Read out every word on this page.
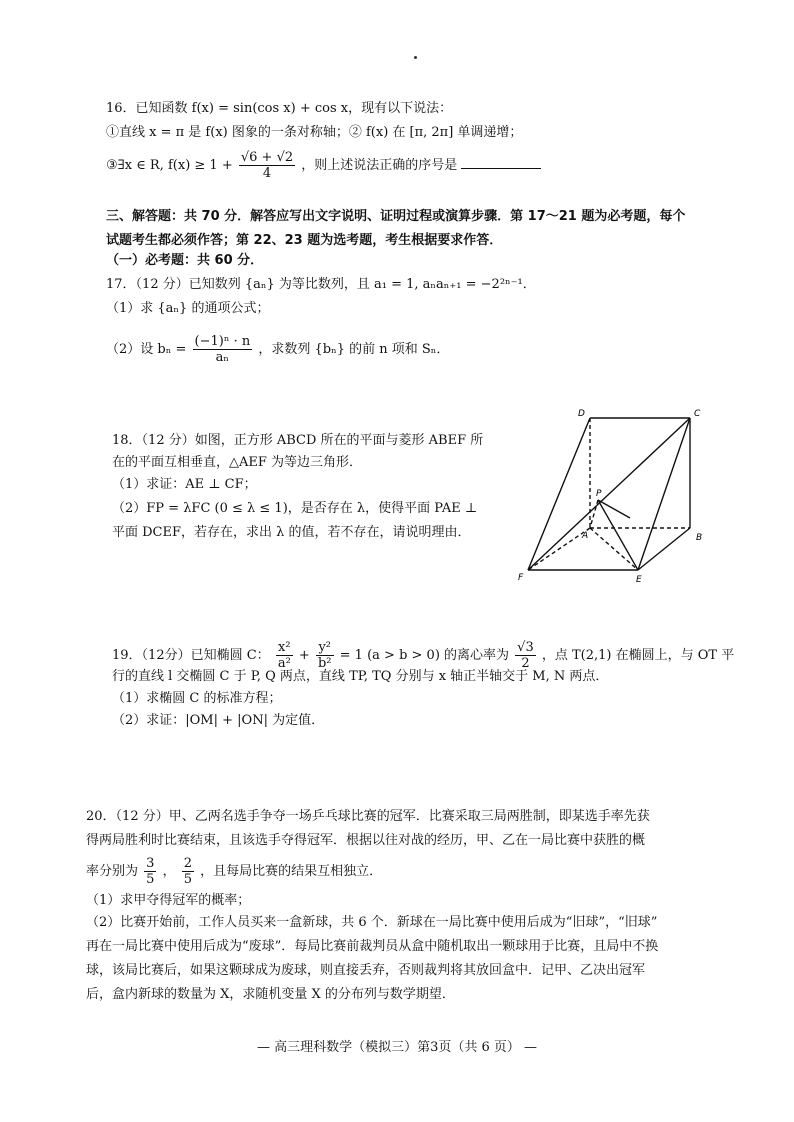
16．已知函数 f(x) = sin(cos x) + cos x，现有以下说法：
①直线 x = π 是 f(x) 图象的一条对称轴；② f(x) 在 [π, 2π] 单调递增；
③∃x ∈ R, $f(x) \ge 1 + \frac{√6 + √2}{4}$ ，则上述说法正确的序号是
三、解答题：共 70 分．解答应写出文字说明、证明过程或演算步骤．第 17～21 题为必考题，每个
试题考生都必须作答；第 22、23 题为选考题，考生根据要求作答．
（一）必考题：共 60 分．
17．（12 分）已知数列 {aₙ} 为等比数列，且 a₁ = 1, aₙaₙ₊₁ = −2²ⁿ⁻¹．
（1）求 {aₙ} 的通项公式；
（2）设 $b_n = \frac{\text{(−1)ⁿ · n}}{\text{aₙ}}$ ，求数列 {bₙ} 的前 n 项和 Sₙ．
18．（12 分）如图，正方形 ABCD 所在的平面与菱形 ABEF 所
在的平面互相垂直，△AEF 为等边三角形．
（1）求证：AE ⊥ CF；
（2）FP = λFC (0 ≤ λ ≤ 1)，是否存在 λ，使得平面 PAE ⊥
平面 DCEF，若存在，求出 λ 的值，若不存在，请说明理由．
D	C
P
A	B
F	E
19．（12分）已知椭圆 C： $\frac{\text{x²}}{\text{a²}} + \frac{\text{y²}}{\text{b²}} = 1$ (a > b > 0) 的离心率为 $\frac{√3}{2}$ ，点 T(2,1) 在椭圆上，与 OT 平
行的直线 l 交椭圆 C 于 P, Q 两点，直线 TP, TQ 分别与 x 轴正半轴交于 M, N 两点．
（1）求椭圆 C 的标准方程；
（2）求证：|OM| + |ON| 为定值．
20．（12 分）甲、乙两名选手争夺一场乒乓球比赛的冠军．比赛采取三局两胜制，即某选手率先获
得两局胜利时比赛结束，且该选手夺得冠军．根据以往对战的经历，甲、乙在一局比赛中获胜的概
率分别为 $\frac{3}{5}$ ， $\frac{2}{5}$ ，且每局比赛的结果互相独立．
（1）求甲夺得冠军的概率；
（2）比赛开始前，工作人员买来一盒新球，共 6 个．新球在一局比赛中使用后成为“旧球”，“旧球”
再在一局比赛中使用后成为“废球”．每局比赛前裁判员从盒中随机取出一颗球用于比赛，且局中不换
球，该局比赛后，如果这颗球成为废球，则直接丢弃，否则裁判将其放回盒中．记甲、乙决出冠军
后，盒内新球的数量为 X，求随机变量 X 的分布列与数学期望．
— 高三理科数学（模拟三）第3页（共 6 页） —
